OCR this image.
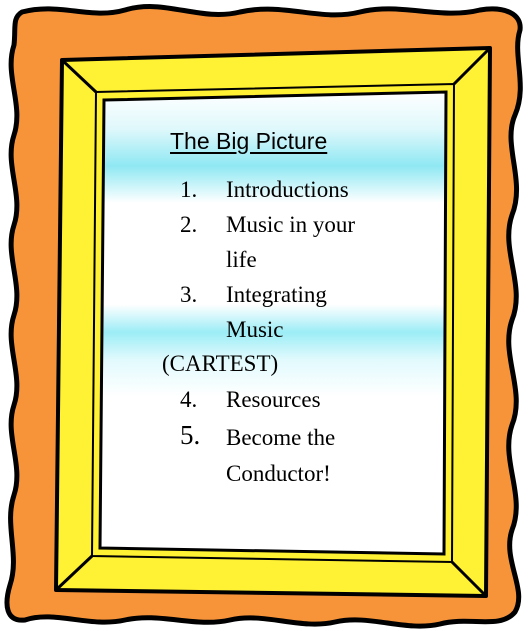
The Big Picture
1. Introductions
2. Music in your
life
3. Integrating
Music
(CARTEST)
4. Resources
5. Become the
Conductor!
